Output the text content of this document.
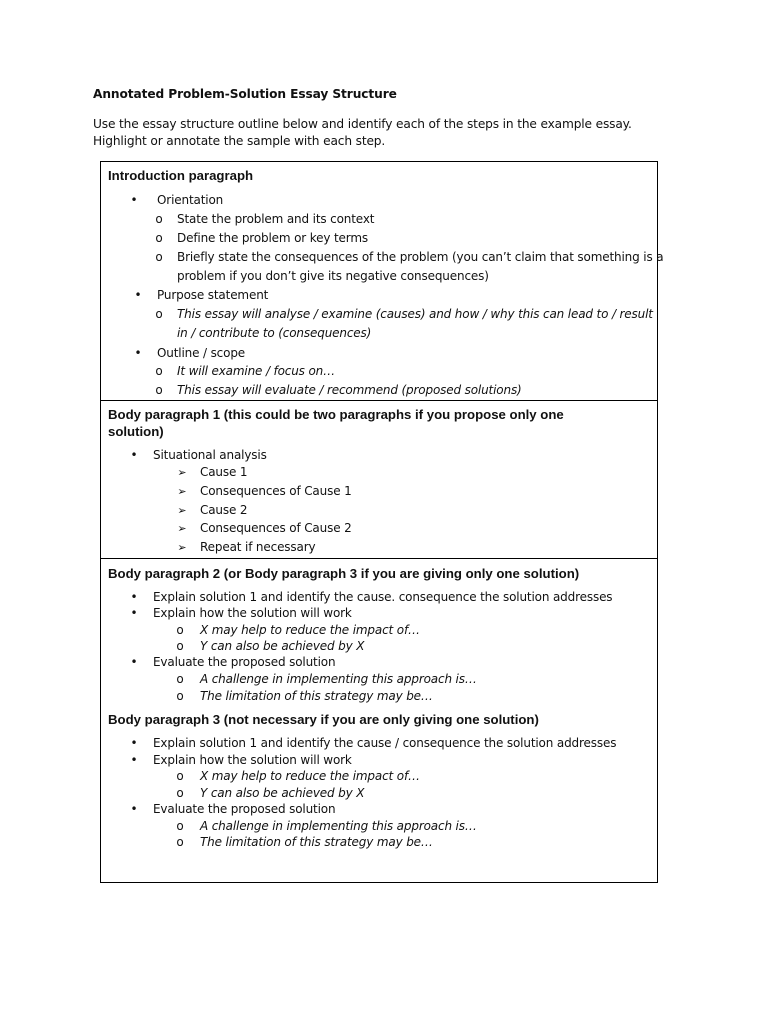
Annotated Problem-Solution Essay Structure
Use the essay structure outline below and identify each of the steps in the example essay. Highlight or annotate the sample with each step.
Introduction paragraph
• Orientation
o State the problem and its context
o Define the problem or key terms
o Briefly state the consequences of the problem (you can’t claim that something is a
problem if you don’t give its negative consequences)
• Purpose statement
o This essay will analyse / examine (causes) and how / why this can lead to / result
in / contribute to (consequences)
• Outline / scope
o It will examine / focus on…
o This essay will evaluate / recommend (proposed solutions)
Body paragraph 1 (this could be two paragraphs if you propose only one
solution)
• Situational analysis
➢ Cause 1
➢ Consequences of Cause 1
➢ Cause 2
➢ Consequences of Cause 2
➢ Repeat if necessary
Body paragraph 2 (or Body paragraph 3 if you are giving only one solution)
• Explain solution 1 and identify the cause. consequence the solution addresses
• Explain how the solution will work
o X may help to reduce the impact of…
o Y can also be achieved by X
• Evaluate the proposed solution
o A challenge in implementing this approach is…
o The limitation of this strategy may be…
Body paragraph 3 (not necessary if you are only giving one solution)
• Explain solution 1 and identify the cause / consequence the solution addresses
• Explain how the solution will work
o X may help to reduce the impact of…
o Y can also be achieved by X
• Evaluate the proposed solution
o A challenge in implementing this approach is…
o The limitation of this strategy may be…
